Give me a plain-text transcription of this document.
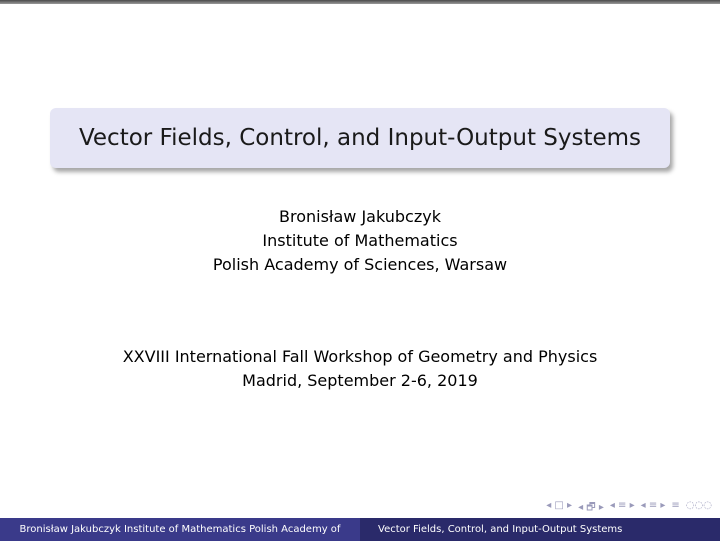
Vector Fields, Control, and Input-Output Systems
Bronisław Jakubczyk
Institute of Mathematics
Polish Academy of Sciences, Warsaw
XXVIII International Fall Workshop of Geometry and Physics
Madrid, September 2-6, 2019
◂ □ ▸ ◂ 🗗 ▸ ◂ ≡ ▸ ◂ ≡ ▸ ≡ ◌◌◌
Bronisław Jakubczyk Institute of Mathematics Polish Academy of	Vector Fields, Control, and Input-Output Systems
